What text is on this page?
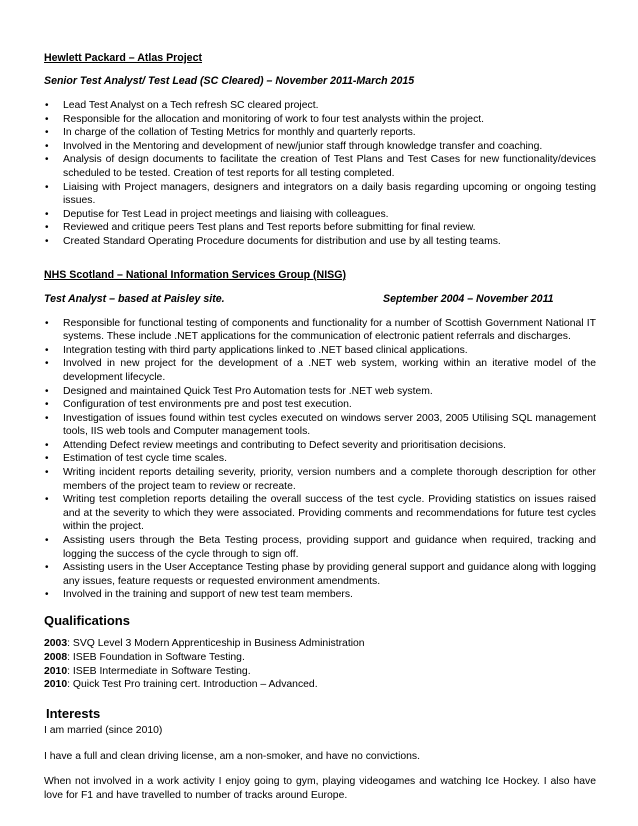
Hewlett Packard – Atlas Project

Senior Test Analyst/ Test Lead (SC Cleared) – November 2011-March 2015
• Lead Test Analyst on a Tech refresh SC cleared project.
• Responsible for the allocation and monitoring of work to four test analysts within the project.
• In charge of the collation of Testing Metrics for monthly and quarterly reports.
• Involved in the Mentoring and development of new/junior staff through knowledge transfer and coaching.
• Analysis of design documents to facilitate the creation of Test Plans and Test Cases for new functionality/devices scheduled to be tested. Creation of test reports for all testing completed.
• Liaising with Project managers, designers and integrators on a daily basis regarding upcoming or ongoing testing issues.
• Deputise for Test Lead in project meetings and liaising with colleagues.
• Reviewed and critique peers Test plans and Test reports before submitting for final review.
• Created Standard Operating Procedure documents for distribution and use by all testing teams.

NHS Scotland – National Information Services Group (NISG)

Test Analyst – based at Paisley site.	September 2004 – November 2011
• Responsible for functional testing of components and functionality for a number of Scottish Government National IT systems. These include .NET applications for the communication of electronic patient referrals and discharges.
• Integration testing with third party applications linked to .NET based clinical applications.
• Involved in new project for the development of a .NET web system, working within an iterative model of the development lifecycle.
• Designed and maintained Quick Test Pro Automation tests for .NET web system.
• Configuration of test environments pre and post test execution.
• Investigation of issues found within test cycles executed on windows server 2003, 2005 Utilising SQL management tools, IIS web tools and Computer management tools.
• Attending Defect review meetings and contributing to Defect severity and prioritisation decisions.
• Estimation of test cycle time scales.
• Writing incident reports detailing severity, priority, version numbers and a complete thorough description for other members of the project team to review or recreate.
• Writing test completion reports detailing the overall success of the test cycle. Providing statistics on issues raised and at the severity to which they were associated. Providing comments and recommendations for future test cycles within the project.
• Assisting users through the Beta Testing process, providing support and guidance when required, tracking and logging the success of the cycle through to sign off.
• Assisting users in the User Acceptance Testing phase by providing general support and guidance along with logging any issues, feature requests or requested environment amendments.
• Involved in the training and support of new test team members.

Qualifications

2003: SVQ Level 3 Modern Apprenticeship in Business Administration
2008: ISEB Foundation in Software Testing.
2010: ISEB Intermediate in Software Testing.
2010: Quick Test Pro training cert. Introduction – Advanced.

Interests

I am married (since 2010)
I have a full and clean driving license, am a non-smoker, and have no convictions.
When not involved in a work activity I enjoy going to gym, playing videogames and watching Ice Hockey. I also have love for F1 and have travelled to number of tracks around Europe.
